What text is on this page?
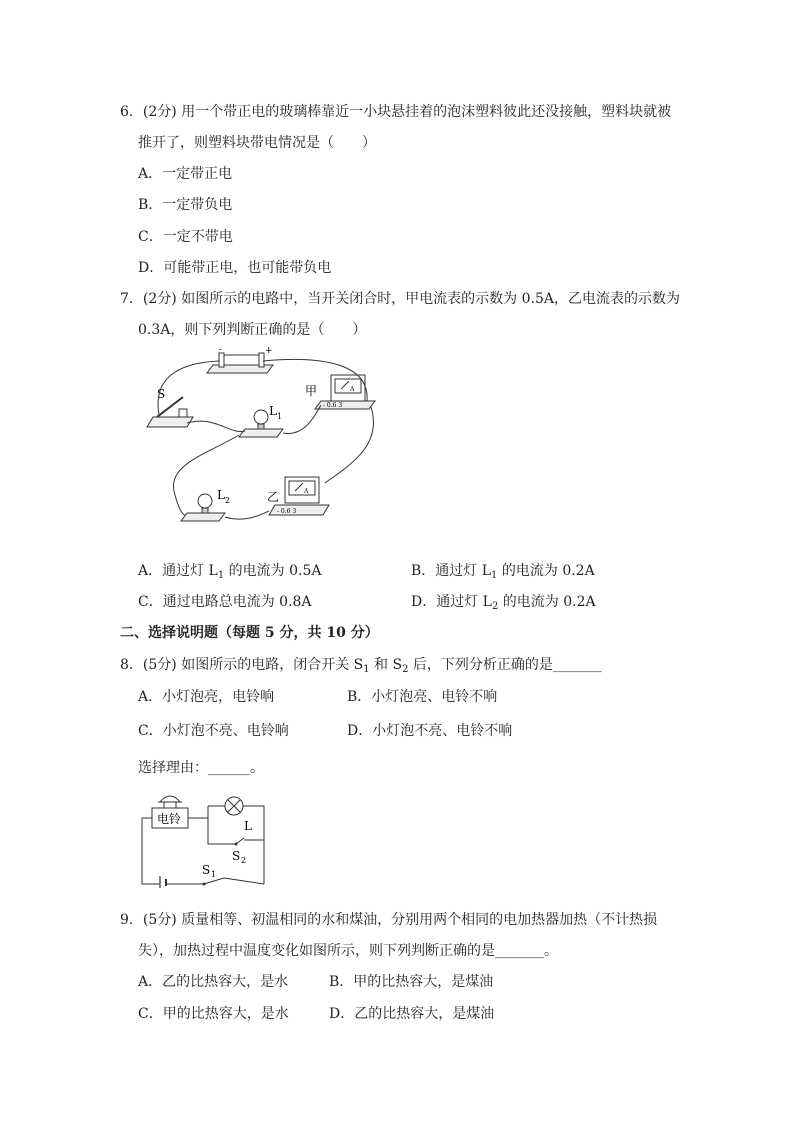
6．(2分) 用一个带正电的玻璃棒靠近一小块悬挂着的泡沫塑料彼此还没接触，塑料块就被
推开了，则塑料块带电情况是（　　）
A．一定带正电
B．一定带负电
C．一定不带电
D．可能带正电，也可能带负电
7．(2分) 如图所示的电路中，当开关闭合时，甲电流表的示数为 0.5A，乙电流表的示数为
0.3A，则下列判断正确的是（　　）
-	+
S
L 1
A
- 0.6 3
甲
L 2
A
- 0.6 3
乙
A．通过灯 $L_1$ 的电流为 0.5A	B．通过灯 $L_1$ 的电流为 0.2A
C．通过电路总电流为 0.8A	D．通过灯 $L_2$ 的电流为 0.2A
二、选择说明题（每题 5 分，共 10 分）
8．(5分) 如图所示的电路，闭合开关 $S_1$ 和 $S_2$ 后，下列分析正确的是_______
A．小灯泡亮，电铃响	B．小灯泡亮、电铃不响
C．小灯泡不亮、电铃响	D．小灯泡不亮、电铃不响
选择理由：______。
电铃	L
S 2
S 1
9．(5分) 质量相等、初温相同的水和煤油，分别用两个相同的电加热器加热（不计热损
失），加热过程中温度变化如图所示，则下列判断正确的是_______。
A．乙的比热容大，是水	B．甲的比热容大，是煤油
C．甲的比热容大，是水	D．乙的比热容大，是煤油
